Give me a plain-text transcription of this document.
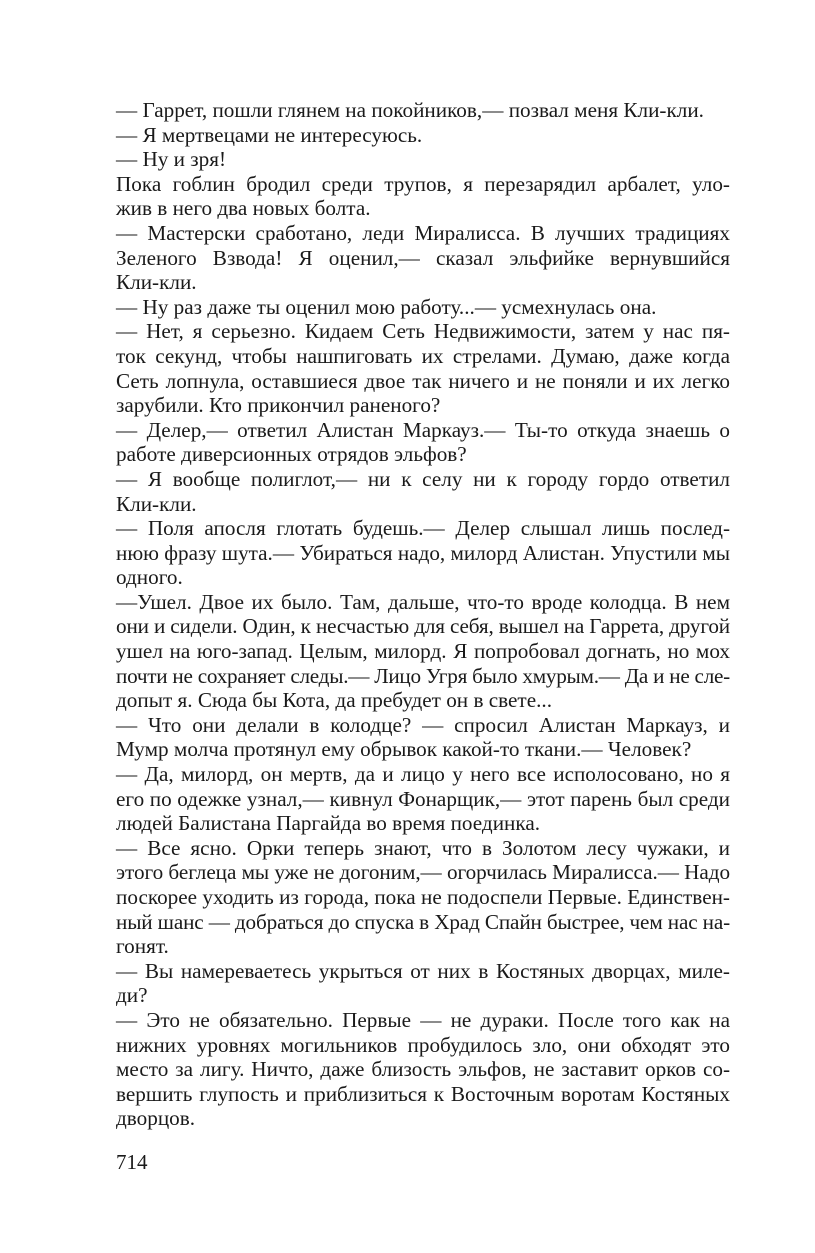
— Гаррет, пошли глянем на покойников,— позвал меня Кли-кли.

— Я мертвецами не интересуюсь.

— Ну и зря!

Пока гоблин бродил среди трупов, я перезарядил арбалет, уло-

жив в него два новых болта.

— Мастерски сработано, леди Миралисса. В лучших традициях

Зеленого Взвода! Я оценил,— сказал эльфийке вернувшийся

Кли-кли.

— Ну раз даже ты оценил мою работу...— усмехнулась она.

— Нет, я серьезно. Кидаем Сеть Недвижимости, затем у нас пя-

ток секунд, чтобы нашпиговать их стрелами. Думаю, даже когда

Сеть лопнула, оставшиеся двое так ничего и не поняли и их легко

зарубили. Кто прикончил раненого?

— Делер,— ответил Алистан Маркауз.— Ты-то откуда знаешь о

работе диверсионных отрядов эльфов?

— Я вообще полиглот,— ни к селу ни к городу гордо ответил

Кли-кли.

— Поля апосля глотать будешь.— Делер слышал лишь послед-

нюю фразу шута.— Убираться надо, милорд Алистан. Упустили мы

одного.

—Ушел. Двое их было. Там, дальше, что-то вроде колодца. В нем

они и сидели. Один, к несчастью для себя, вышел на Гаррета, другой

ушел на юго-запад. Целым, милорд. Я попробовал догнать, но мох

почти не сохраняет следы.— Лицо Угря было хмурым.— Да и не сле-

допыт я. Сюда бы Кота, да пребудет он в свете...

— Что они делали в колодце? — спросил Алистан Маркауз, и

Мумр молча протянул ему обрывок какой-то ткани.— Человек?

— Да, милорд, он мертв, да и лицо у него все исполосовано, но я

его по одежке узнал,— кивнул Фонарщик,— этот парень был среди

людей Балистана Паргайда во время поединка.

— Все ясно. Орки теперь знают, что в Золотом лесу чужаки, и

этого беглеца мы уже не догоним,— огорчилась Миралисса.— Надо

поскорее уходить из города, пока не подоспели Первые. Единствен-

ный шанс — добраться до спуска в Храд Спайн быстрее, чем нас на-

гонят.

— Вы намереваетесь укрыться от них в Костяных дворцах, миле-

ди?

— Это не обязательно. Первые — не дураки. После того как на

нижних уровнях могильников пробудилось зло, они обходят это

место за лигу. Ничто, даже близость эльфов, не заставит орков со-

вершить глупость и приблизиться к Восточным воротам Костяных

дворцов.

714
